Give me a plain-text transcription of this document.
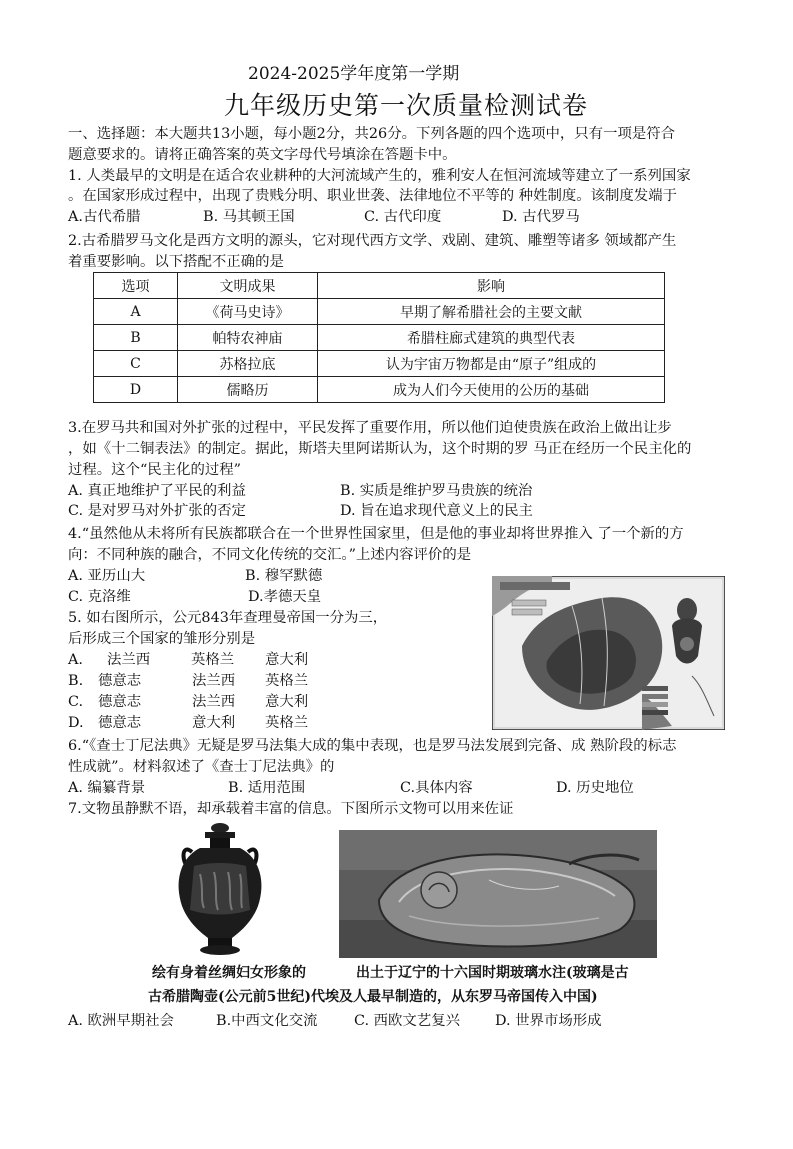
2024-2025学年度第一学期
九年级历史第一次质量检测试卷
一、选择题：本大题共13小题，每小题2分，共26分。下列各题的四个选项中，只有一项是符合
题意要求的。请将正确答案的英文字母代号填涂在答题卡中。
1. 人类最早的文明是在适合农业耕种的大河流域产生的，雅利安人在恒河流域等建立了一系列国家
。在国家形成过程中，出现了贵贱分明、职业世袭、法律地位不平等的 种姓制度。该制度发端于
A.古代希腊	B. 马其顿王国	C. 古代印度	D. 古代罗马
2.古希腊罗马文化是西方文明的源头，它对现代西方文学、戏剧、建筑、雕塑等诸多 领域都产生
着重要影响。以下搭配不正确的是
选项	文明成果	影响
A	《荷马史诗》	早期了解希腊社会的主要文献
B	帕特农神庙	希腊柱廊式建筑的典型代表
C	苏格拉底	认为宇宙万物都是由“原子”组成的
D	儒略历	成为人们今天使用的公历的基础
3.在罗马共和国对外扩张的过程中，平民发挥了重要作用，所以他们迫使贵族在政治上做出让步
，如《十二铜表法》的制定。据此，斯塔夫里阿诺斯认为，这个时期的罗 马正在经历一个民主化的
过程。这个“民主化的过程”
A. 真正地维护了平民的利益	B. 实质是维护罗马贵族的统治
C. 是对罗马对外扩张的否定	D. 旨在追求现代意义上的民主
4.“虽然他从未将所有民族都联合在一个世界性国家里，但是他的事业却将世界推入 了一个新的方
向：不同种族的融合，不同文化传统的交汇。”上述内容评价的是
A. 亚历山大	B. 穆罕默德
C. 克洛维	D.孝德天皇
5. 如右图所示，公元843年查理曼帝国一分为三，
后形成三个国家的雏形分别是
A. 法兰西	英格兰 意大利
B. 德意志	法兰西 英格兰
C. 德意志	法兰西 意大利
D. 德意志	意大利 英格兰
6.“《查士丁尼法典》无疑是罗马法集大成的集中表现，也是罗马法发展到完备、成 熟阶段的标志
性成就”。材料叙述了《查士丁尼法典》的
A. 编纂背景	B. 适用范围	C.具体内容	D. 历史地位
7.文物虽静默不语，却承载着丰富的信息。下图所示文物可以用来佐证
绘有身着丝绸妇女形象的	出土于辽宁的十六国时期玻璃水注(玻璃是古
古希腊陶壶(公元前5世纪)代埃及人最早制造的，从东罗马帝国传入中国)
A. 欧洲早期社会	B.中西文化交流	C. 西欧文艺复兴 D. 世界市场形成
